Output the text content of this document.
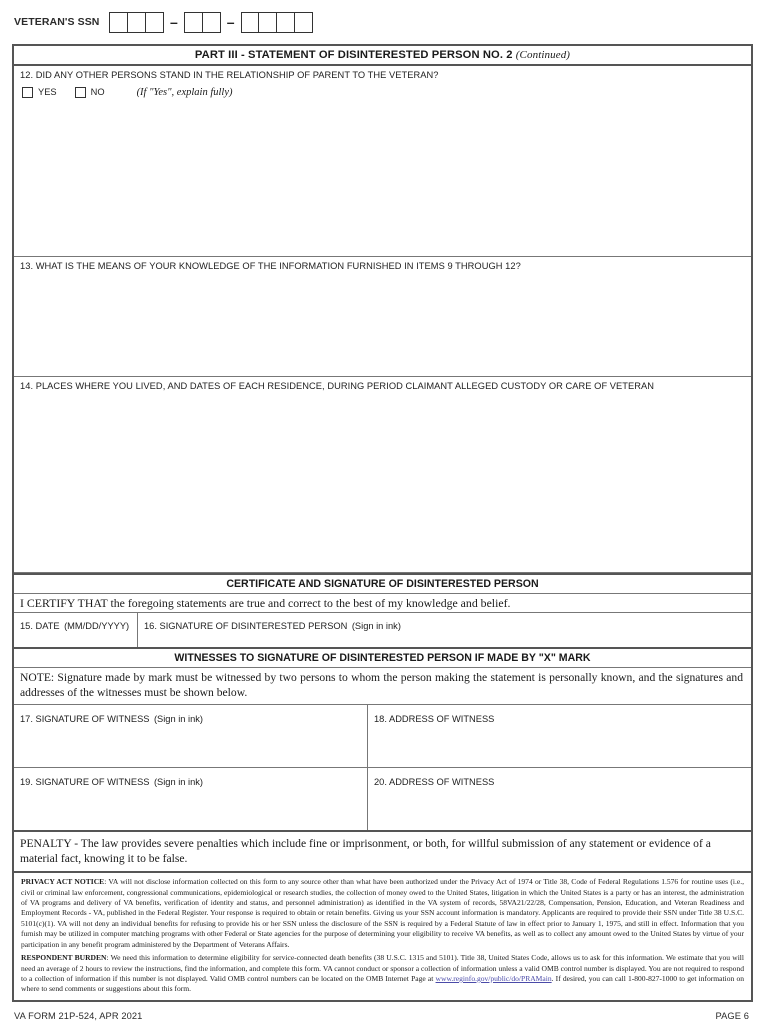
VETERAN'S SSN	–	–
PART III - STATEMENT OF DISINTERESTED PERSON NO. 2 (Continued)
12. DID ANY OTHER PERSONS STAND IN THE RELATIONSHIP OF PARENT TO THE VETERAN?
YES	NO	(If "Yes", explain fully)
13. WHAT IS THE MEANS OF YOUR KNOWLEDGE OF THE INFORMATION FURNISHED IN ITEMS 9 THROUGH 12?
14. PLACES WHERE YOU LIVED, AND DATES OF EACH RESIDENCE, DURING PERIOD CLAIMANT ALLEGED CUSTODY OR CARE OF VETERAN
CERTIFICATE AND SIGNATURE OF DISINTERESTED PERSON
I CERTIFY THAT the foregoing statements are true and correct to the best of my knowledge and belief.
15. DATE (MM/DD/YYYY)	16. SIGNATURE OF DISINTERESTED PERSON (Sign in ink)
WITNESSES TO SIGNATURE OF DISINTERESTED PERSON IF MADE BY "X" MARK
NOTE: Signature made by mark must be witnessed by two persons to whom the person making the statement is personally known, and the signatures and addresses of the witnesses must be shown below.
17. SIGNATURE OF WITNESS (Sign in ink)	18. ADDRESS OF WITNESS
19. SIGNATURE OF WITNESS (Sign in ink)	20. ADDRESS OF WITNESS
PENALTY - The law provides severe penalties which include fine or imprisonment, or both, for willful submission of any statement or evidence of a material fact, knowing it to be false.

PRIVACY ACT NOTICE: VA will not disclose information collected on this form to any source other than what have been authorized under the Privacy Act of 1974 or Title 38, Code of Federal Regulations 1.576 for routine uses (i.e., civil or criminal law enforcement, congressional communications, epidemiological or research studies, the collection of money owed to the United States, litigation in which the United States is a party or has an interest, the administration of VA programs and delivery of VA benefits, verification of identity and status, and personnel administration) as identified in the VA system of records, 58VA21/22/28, Compensation, Pension, Education, and Veteran Readiness and Employment Records - VA, published in the Federal Register. Your response is required to obtain or retain benefits. Giving us your SSN account information is mandatory. Applicants are required to provide their SSN under Title 38 U.S.C. 5101(c)(1). VA will not deny an individual benefits for refusing to provide his or her SSN unless the disclosure of the SSN is required by a Federal Statute of law in effect prior to January 1, 1975, and still in effect. Information that you furnish may be utilized in computer matching programs with other Federal or State agencies for the purpose of determining your eligibility to receive VA benefits, as well as to collect any amount owed to the United States by virtue of your participation in any benefit program administered by the Department of Veterans Affairs.

RESPONDENT BURDEN: We need this information to determine eligibility for service-connected death benefits (38 U.S.C. 1315 and 5101). Title 38, United States Code, allows us to ask for this information. We estimate that you will need an average of 2 hours to review the instructions, find the information, and complete this form. VA cannot conduct or sponsor a collection of information unless a valid OMB control number is displayed. You are not required to respond to a collection of information if this number is not displayed. Valid OMB control numbers can be located on the OMB Internet Page at www.reginfo.gov/public/do/PRAMain. If desired, you can call 1-800-827-1000 to get information on where to send comments or suggestions about this form.

VA FORM 21P-524, APR 2021	PAGE 6
